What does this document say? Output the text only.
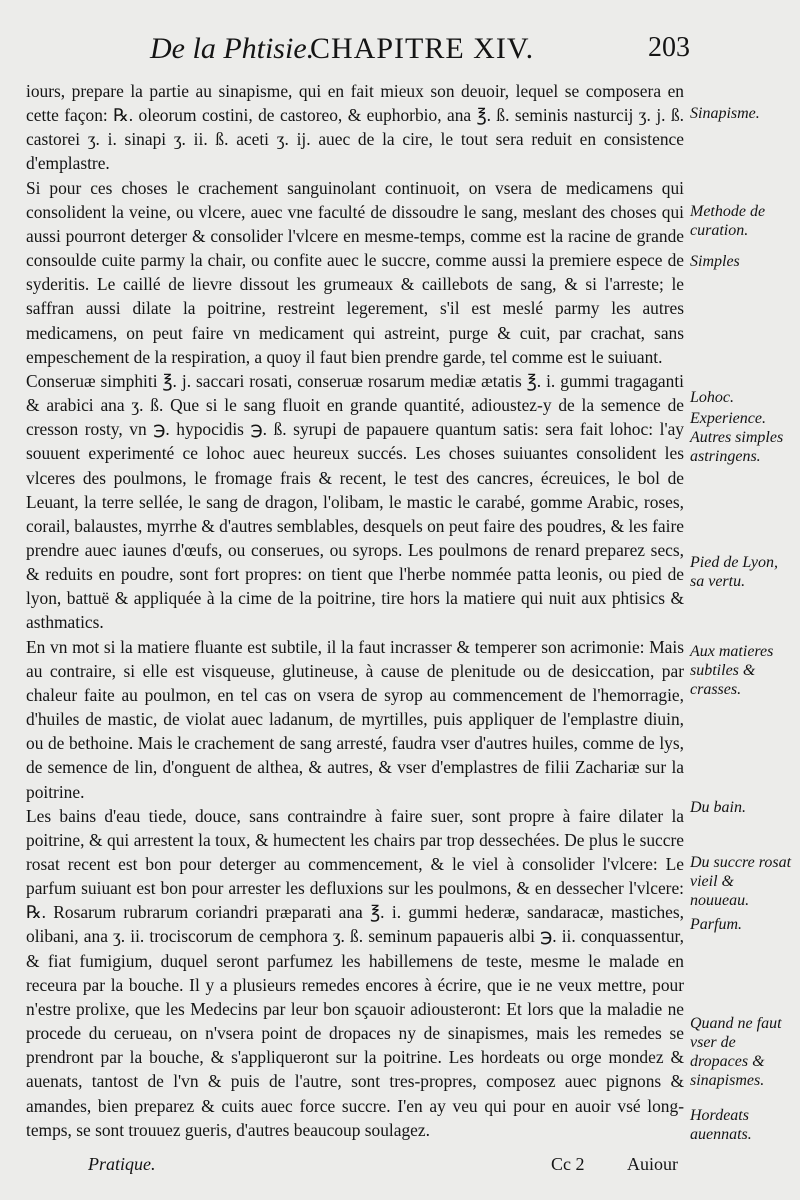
De la Phtisie.
CHAPITRE XIV.	203

iours, prepare la partie au sinapisme, qui en fait mieux son deuoir, lequel se composera en cette façon: ℞. oleorum costini, de castoreo, & euphorbio, ana ℥. ß. seminis nasturcij ʒ. j. ß. castorei ʒ. i. sinapi ʒ. ii. ß. aceti ʒ. ij. auec de la cire, le tout sera reduit en consistence d'emplastre.

Si pour ces choses le crachement sanguinolant continuoit, on vsera de medicamens qui consolident la veine, ou vlcere, auec vne faculté de dissoudre le sang, meslant des choses qui aussi pourront deterger & consolider l'vlcere en mesme-temps, comme est la racine de grande consoulde cuite parmy la chair, ou confite auec le succre, comme aussi la premiere espece de syderitis. Le caillé de lievre dissout les grumeaux & caillebots de sang, & si l'arreste; le saffran aussi dilate la poitrine, restreint legerement, s'il est meslé parmy les autres medicamens, on peut faire vn medicament qui astreint, purge & cuit, par crachat, sans empeschement de la respiration, a quoy il faut bien prendre garde, tel comme est le suiuant.

Conseruæ simphiti ℥. j. saccari rosati, conseruæ rosarum mediæ ætatis ℥. i. gummi tragaganti & arabici ana ʒ. ß. Que si le sang fluoit en grande quantité, adioustez-y de la semence de cresson rosty, vn ℈. hypocidis ℈. ß. syrupi de papauere quantum satis: sera fait lohoc: l'ay souuent experimenté ce lohoc auec heureux succés. Les choses suiuantes consolident les vlceres des poulmons, le fromage frais & recent, le test des cancres, écreuices, le bol de Leuant, la terre sellée, le sang de dragon, l'olibam, le mastic le carabé, gomme Arabic, roses, corail, balaustes, myrrhe & d'autres semblables, desquels on peut faire des poudres, & les faire prendre auec iaunes d'œufs, ou conserues, ou syrops. Les poulmons de renard preparez secs, & reduits en poudre, sont fort propres: on tient que l'herbe nommée patta leonis, ou pied de lyon, battuë & appliquée à la cime de la poitrine, tire hors la matiere qui nuit aux phtisics & asthmatics.

En vn mot si la matiere fluante est subtile, il la faut incrasser & temperer son acrimonie: Mais au contraire, si elle est visqueuse, glutineuse, à cause de plenitude ou de desiccation, par chaleur faite au poulmon, en tel cas on vsera de syrop au commencement de l'hemorragie, d'huiles de mastic, de violat auec ladanum, de myrtilles, puis appliquer de l'emplastre diuin, ou de bethoine. Mais le crachement de sang arresté, faudra vser d'autres huiles, comme de lys, de semence de lin, d'onguent de althea, & autres, & vser d'emplastres de filii Zachariæ sur la poitrine.

Les bains d'eau tiede, douce, sans contraindre à faire suer, sont propre à faire dilater la poitrine, & qui arrestent la toux, & humectent les chairs par trop dessechées. De plus le succre rosat recent est bon pour deterger au commencement, & le viel à consolider l'vlcere: Le parfum suiuant est bon pour arrester les defluxions sur les poulmons, & en dessecher l'vlcere: ℞. Rosarum rubrarum coriandri præparati ana ℥. i. gummi hederæ, sandaracæ, mastiches, olibani, ana ʒ. ii. trociscorum de cemphora ʒ. ß. seminum papaueris albi ℈. ii. conquassentur, & fiat fumigium, duquel seront parfumez les habillemens de teste, mesme le malade en receura par la bouche. Il y a plusieurs remedes encores à écrire, que ie ne veux mettre, pour n'estre prolixe, que les Medecins par leur bon sçauoir adiousteront: Et lors que la maladie ne procede du cerueau, on n'vsera point de dropaces ny de sinapismes, mais les remedes se prendront par la bouche, & s'appliqueront sur la poitrine. Les hordeats ou orge mondez & auenats, tantost de l'vn & puis de l'autre, sont tres-propres, composez auec pignons & amandes, bien preparez & cuits auec force succre. I'en ay veu qui pour en auoir vsé long-temps, se sont trouuez gueris, d'autres beaucoup soulagez.

Sinapisme.
Methode de curation.
Simples
Lohoc.
Experience.
Autres simples astringens.
Pied de Lyon, sa vertu.
Aux matieres subtiles & crasses.
Du bain.
Du succre rosat vieil & nouueau.
Parfum.
Quand ne faut vser de dropaces & sinapismes.
Hordeats auennats.
Pratique.	Cc 2 Auiour
